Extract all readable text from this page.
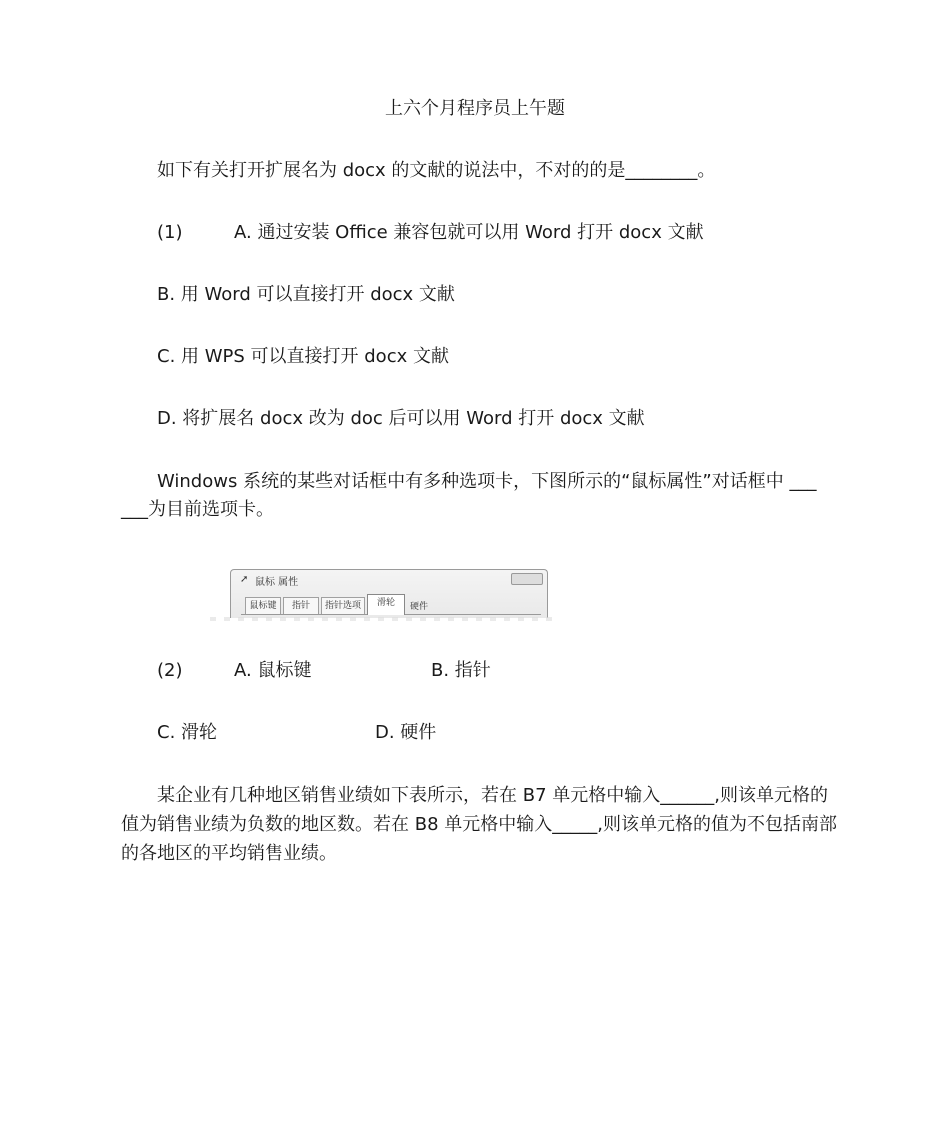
上六个月程序员上午题
如下有关打开扩展名为 docx 的文献的说法中，不对的的是________。
(1)	A. 通过安装 Office 兼容包就可以用 Word 打开 docx 文献
B. 用 Word 可以直接打开 docx 文献
C. 用 WPS 可以直接打开 docx 文献
D. 将扩展名 docx 改为 doc 后可以用 Word 打开 docx 文献
Windows 系统的某些对话框中有多种选项卡，下图所示的“鼠标属性”对话框中 ___
___为目前选项卡。
➚ 鼠标 属性
鼠标键	指针	指针选项	滑轮	硬件
(2)	A. 鼠标键	B. 指针
C. 滑轮	D. 硬件
某企业有几种地区销售业绩如下表所示，若在 B7 单元格中输入______,则该单元格的
值为销售业绩为负数的地区数。若在 B8 单元格中输入_____,则该单元格的值为不包括南部
的各地区的平均销售业绩。
